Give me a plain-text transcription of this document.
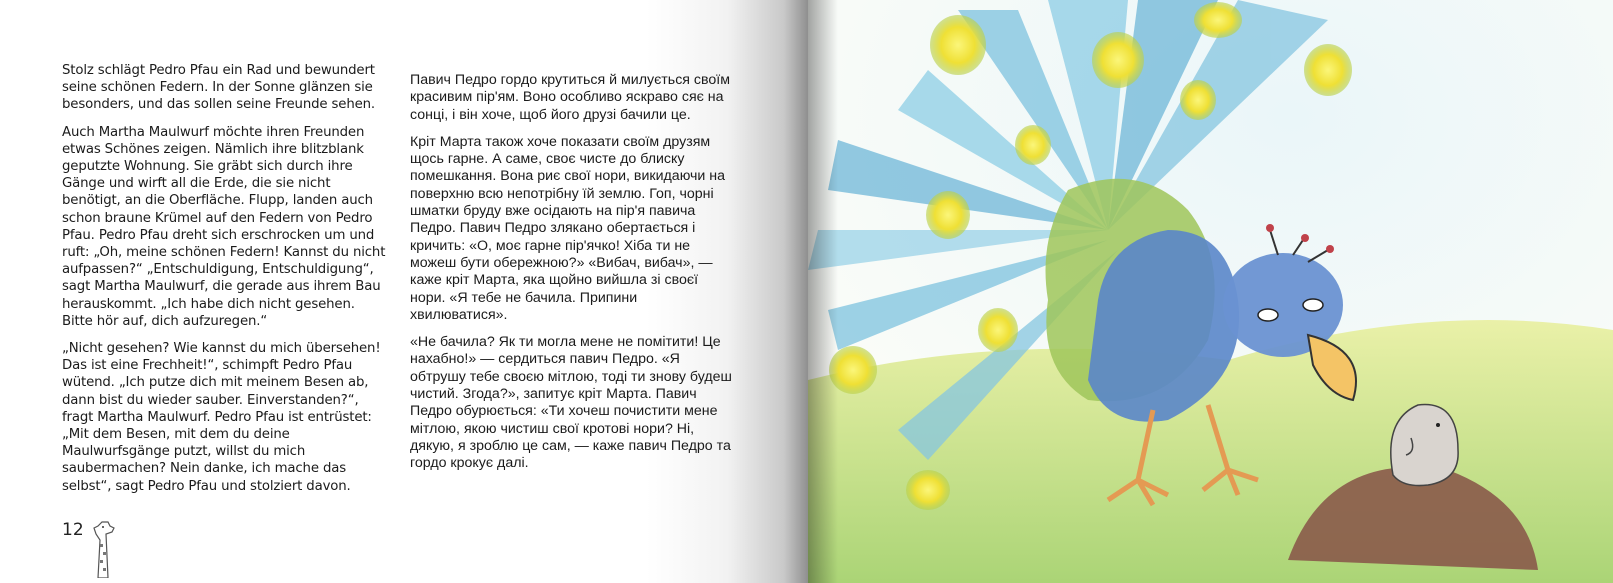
Stolz schlägt Pedro Pfau ein Rad und bewundert seine schönen Federn. In der Sonne glänzen sie besonders, und das sollen seine Freunde sehen.

Auch Martha Maulwurf möchte ihren Freunden etwas Schönes zeigen. Nämlich ihre blitzblank geputzte Wohnung. Sie gräbt sich durch ihre Gänge und wirft all die Erde, die sie nicht benötigt, an die Oberfläche. Flupp, landen auch schon braune Krümel auf den Federn von Pedro Pfau. Pedro Pfau dreht sich erschrocken um und ruft: „Oh, meine schönen Federn! Kannst du nicht aufpassen?“ „Entschuldigung, Entschuldigung“, sagt Martha Maulwurf, die gerade aus ihrem Bau herauskommt. „Ich habe dich nicht gesehen. Bitte hör auf, dich aufzuregen.“

„Nicht gesehen? Wie kannst du mich übersehen! Das ist eine Frechheit!“, schimpft Pedro Pfau wütend. „Ich putze dich mit meinem Besen ab, dann bist du wieder sauber. Einverstanden?“, fragt Martha Maulwurf. Pedro Pfau ist entrüstet: „Mit dem Besen, mit dem du deine Maulwurfsgänge putzt, willst du mich saubermachen? Nein danke, ich mache das selbst“, sagt Pedro Pfau und stolziert davon.

Павич Педро гордо крутиться й милується своїм красивим пір'ям. Воно особливо яскраво сяє на сонці, і він хоче, щоб його друзі бачили це.

Кріт Марта також хоче показати своїм друзям щось гарне. А саме, своє чисте до блиску помешкання. Вона риє свої нори, викидаючи на поверхню всю непотрібну їй землю. Гоп, чорні шматки бруду вже осідають на пір'я павича Педро. Павич Педро злякано обертається і кричить: «О, моє гарне пір'ячко! Хіба ти не можеш бути обережною?» «Вибач, вибач», — каже кріт Марта, яка щойно вийшла зі своєї нори. «Я тебе не бачила. Припини хвилюватися».

«Не бачила? Як ти могла мене не помітити! Це нахабно!» — сердиться павич Педро. «Я обтрушу тебе своєю мітлою, тоді ти знову будеш чистий. Згода?», запитує кріт Марта. Павич Педро обурюється: «Ти хочеш почистити мене мітлою, якою чистиш свої кротові нори? Ні, дякую, я зроблю це сам, — каже павич Педро та гордо крокує далі.

12
